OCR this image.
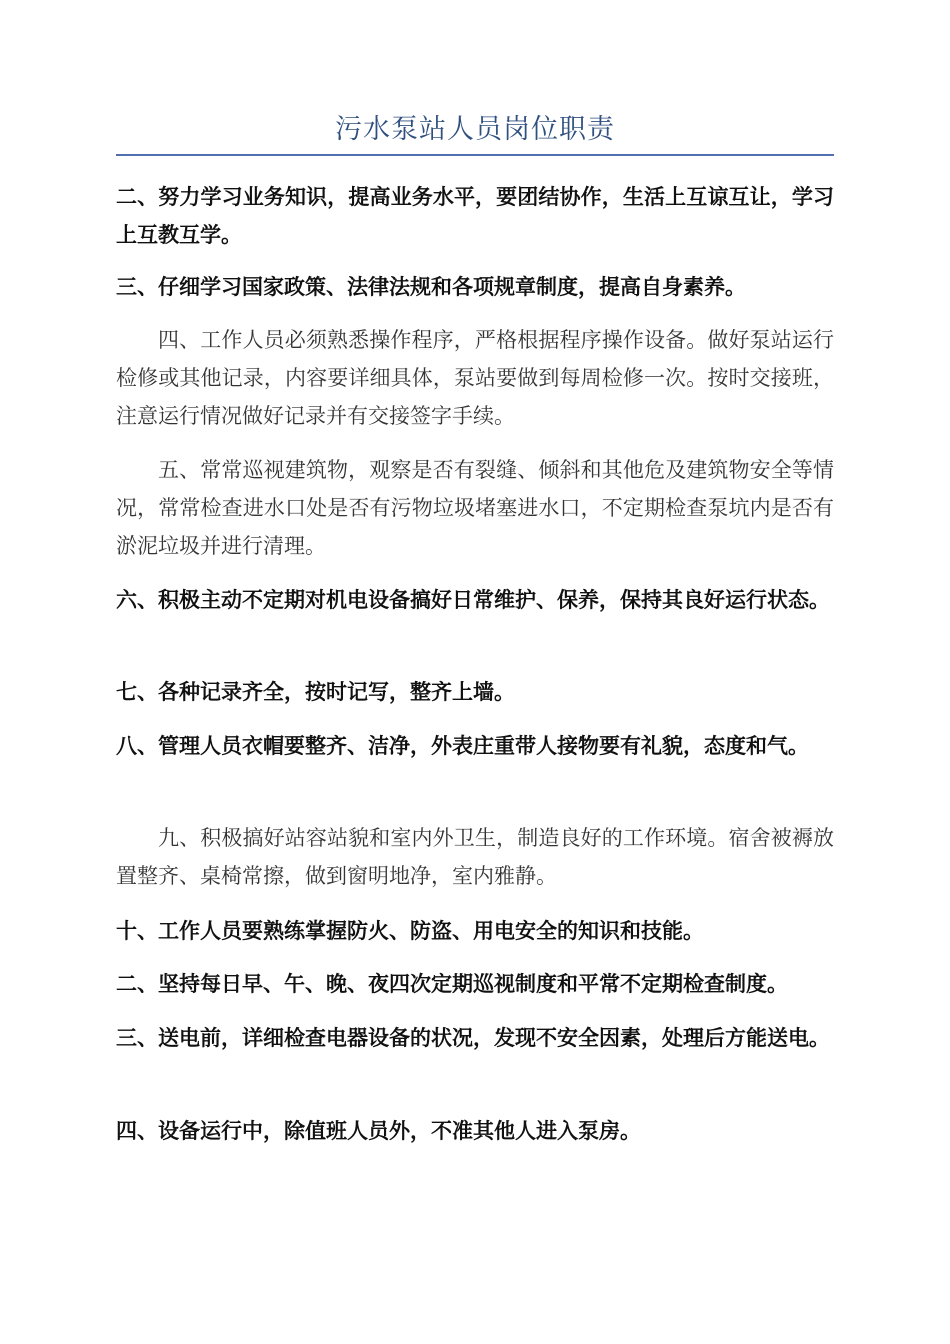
污水泵站人员岗位职责

二、努力学习业务知识，提高业务水平，要团结协作，生活上互谅互让，学习上互教互学。

三、仔细学习国家政策、法律法规和各项规章制度，提高自身素养。

四、工作人员必须熟悉操作程序，严格根据程序操作设备。做好泵站运行检修或其他记录，内容要详细具体，泵站要做到每周检修一次。按时交接班，注意运行情况做好记录并有交接签字手续。

五、常常巡视建筑物，观察是否有裂缝、倾斜和其他危及建筑物安全等情况，常常检查进水口处是否有污物垃圾堵塞进水口，不定期检查泵坑内是否有淤泥垃圾并进行清理。

六、积极主动不定期对机电设备搞好日常维护、保养，保持其良好运行状态。

七、各种记录齐全，按时记写，整齐上墙。

八、管理人员衣帽要整齐、洁净，外表庄重带人接物要有礼貌，态度和气。

九、积极搞好站容站貌和室内外卫生，制造良好的工作环境。宿舍被褥放置整齐、桌椅常擦，做到窗明地净，室内雅静。

十、工作人员要熟练掌握防火、防盗、用电安全的知识和技能。

二、坚持每日早、午、晚、夜四次定期巡视制度和平常不定期检查制度。

三、送电前，详细检查电器设备的状况，发现不安全因素，处理后方能送电。

四、设备运行中，除值班人员外，不准其他人进入泵房。
